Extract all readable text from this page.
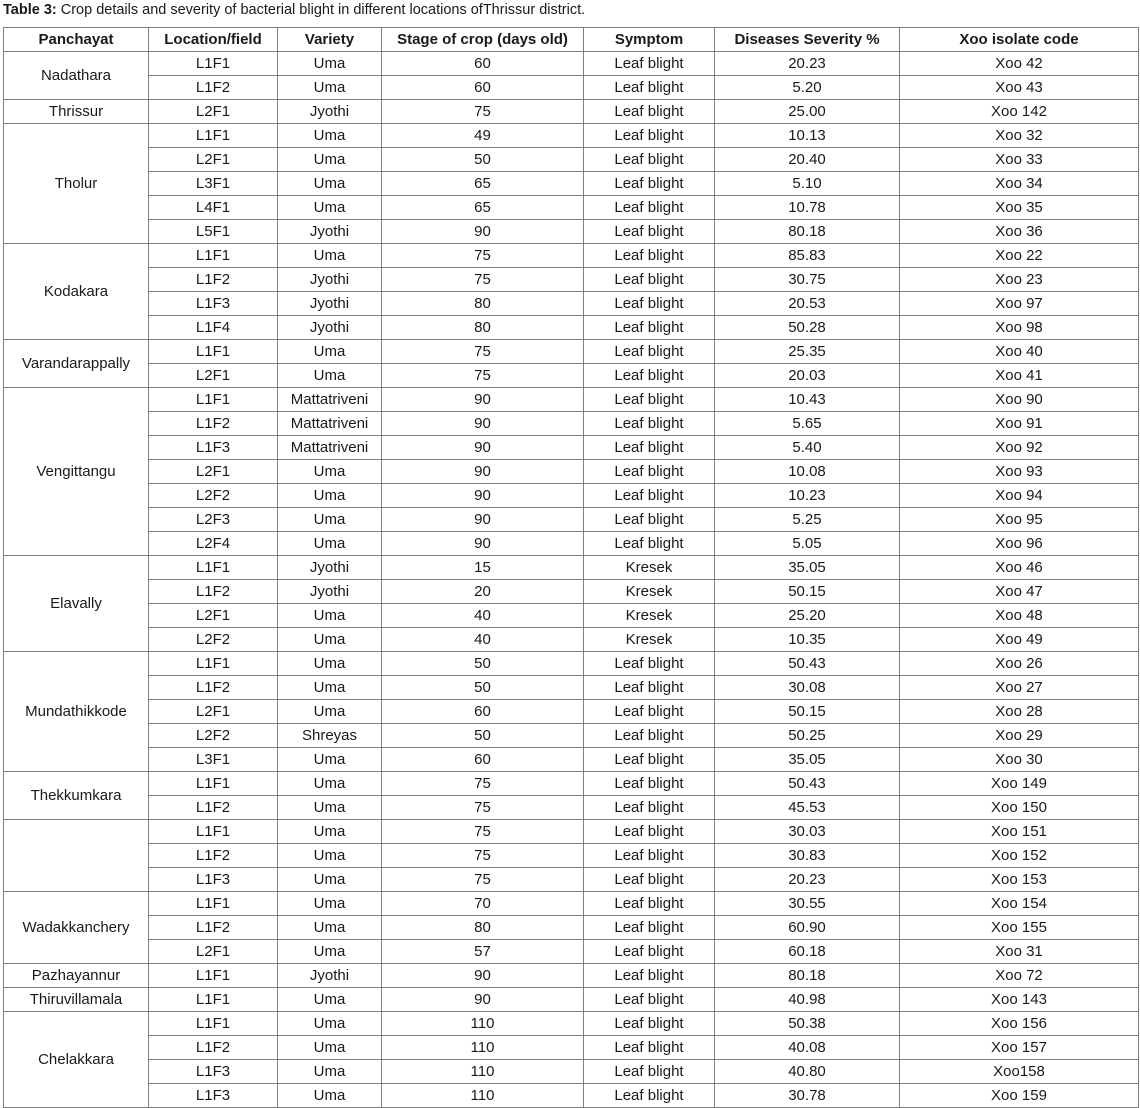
Table 3: Crop details and severity of bacterial blight in different locations ofThrissur district.
Panchayat	Location/field	Variety	Stage of crop (days old)	Symptom	Diseases Severity %	Xoo isolate code
Nadathara	L1F1	Uma	60	Leaf blight	20.23	Xoo 42
	L1F2	Uma	60	Leaf blight	5.20	Xoo 43
Thrissur	L2F1	Jyothi	75	Leaf blight	25.00	Xoo 142
Tholur	L1F1	Uma	49	Leaf blight	10.13	Xoo 32
	L2F1	Uma	50	Leaf blight	20.40	Xoo 33
	L3F1	Uma	65	Leaf blight	5.10	Xoo 34
	L4F1	Uma	65	Leaf blight	10.78	Xoo 35
	L5F1	Jyothi	90	Leaf blight	80.18	Xoo 36
Kodakara	L1F1	Uma	75	Leaf blight	85.83	Xoo 22
	L1F2	Jyothi	75	Leaf blight	30.75	Xoo 23
	L1F3	Jyothi	80	Leaf blight	20.53	Xoo 97
	L1F4	Jyothi	80	Leaf blight	50.28	Xoo 98
Varandarappally	L1F1	Uma	75	Leaf blight	25.35	Xoo 40
	L2F1	Uma	75	Leaf blight	20.03	Xoo 41
Vengittangu	L1F1	Mattatriveni	90	Leaf blight	10.43	Xoo 90
	L1F2	Mattatriveni	90	Leaf blight	5.65	Xoo 91
	L1F3	Mattatriveni	90	Leaf blight	5.40	Xoo 92
	L2F1	Uma	90	Leaf blight	10.08	Xoo 93
	L2F2	Uma	90	Leaf blight	10.23	Xoo 94
	L2F3	Uma	90	Leaf blight	5.25	Xoo 95
	L2F4	Uma	90	Leaf blight	5.05	Xoo 96
Elavally	L1F1	Jyothi	15	Kresek	35.05	Xoo 46
	L1F2	Jyothi	20	Kresek	50.15	Xoo 47
	L2F1	Uma	40	Kresek	25.20	Xoo 48
	L2F2	Uma	40	Kresek	10.35	Xoo 49
Mundathikkode	L1F1	Uma	50	Leaf blight	50.43	Xoo 26
	L1F2	Uma	50	Leaf blight	30.08	Xoo 27
	L2F1	Uma	60	Leaf blight	50.15	Xoo 28
	L2F2	Shreyas	50	Leaf blight	50.25	Xoo 29
	L3F1	Uma	60	Leaf blight	35.05	Xoo 30
Thekkumkara	L1F1	Uma	75	Leaf blight	50.43	Xoo 149
	L1F2	Uma	75	Leaf blight	45.53	Xoo 150
	L1F1	Uma	75	Leaf blight	30.03	Xoo 151
	L1F2	Uma	75	Leaf blight	30.83	Xoo 152
	L1F3	Uma	75	Leaf blight	20.23	Xoo 153
Wadakkanchery	L1F1	Uma	70	Leaf blight	30.55	Xoo 154
	L1F2	Uma	80	Leaf blight	60.90	Xoo 155
	L2F1	Uma	57	Leaf blight	60.18	Xoo 31
Pazhayannur	L1F1	Jyothi	90	Leaf blight	80.18	Xoo 72
Thiruvillamala	L1F1	Uma	90	Leaf blight	40.98	Xoo 143
Chelakkara	L1F1	Uma	110	Leaf blight	50.38	Xoo 156
	L1F2	Uma	110	Leaf blight	40.08	Xoo 157
	L1F3	Uma	110	Leaf blight	40.80	Xoo158
	L1F3	Uma	110	Leaf blight	30.78	Xoo 159
